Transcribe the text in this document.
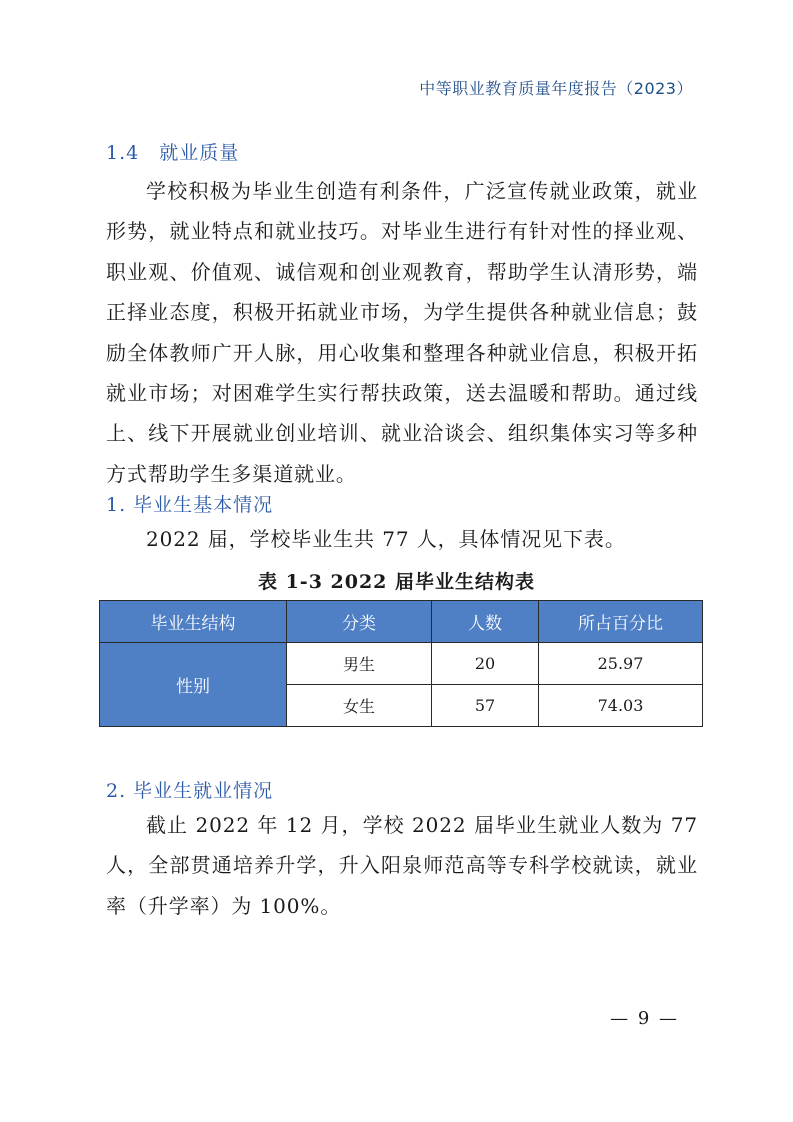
中等职业教育质量年度报告（2023）
1.4　就业质量

学校积极为毕业生创造有利条件，广泛宣传就业政策，就业形势，就业特点和就业技巧。对毕业生进行有针对性的择业观、职业观、价值观、诚信观和创业观教育，帮助学生认清形势，端正择业态度，积极开拓就业市场，为学生提供各种就业信息；鼓励全体教师广开人脉，用心收集和整理各种就业信息，积极开拓就业市场；对困难学生实行帮扶政策，送去温暖和帮助。通过线上、线下开展就业创业培训、就业洽谈会、组织集体实习等多种方式帮助学生多渠道就业。

1. 毕业生基本情况

2022 届，学校毕业生共 77 人，具体情况见下表。

表 1-3 2022 届毕业生结构表
毕业生结构	分类	人数	所占百分比
性别	男生	20	25.97
	女生	57	74.03
2. 毕业生就业情况

截止 2022 年 12 月，学校 2022 届毕业生就业人数为 77 人，全部贯通培养升学，升入阳泉师范高等专科学校就读，就业率（升学率）为 100%。

— 9 —
